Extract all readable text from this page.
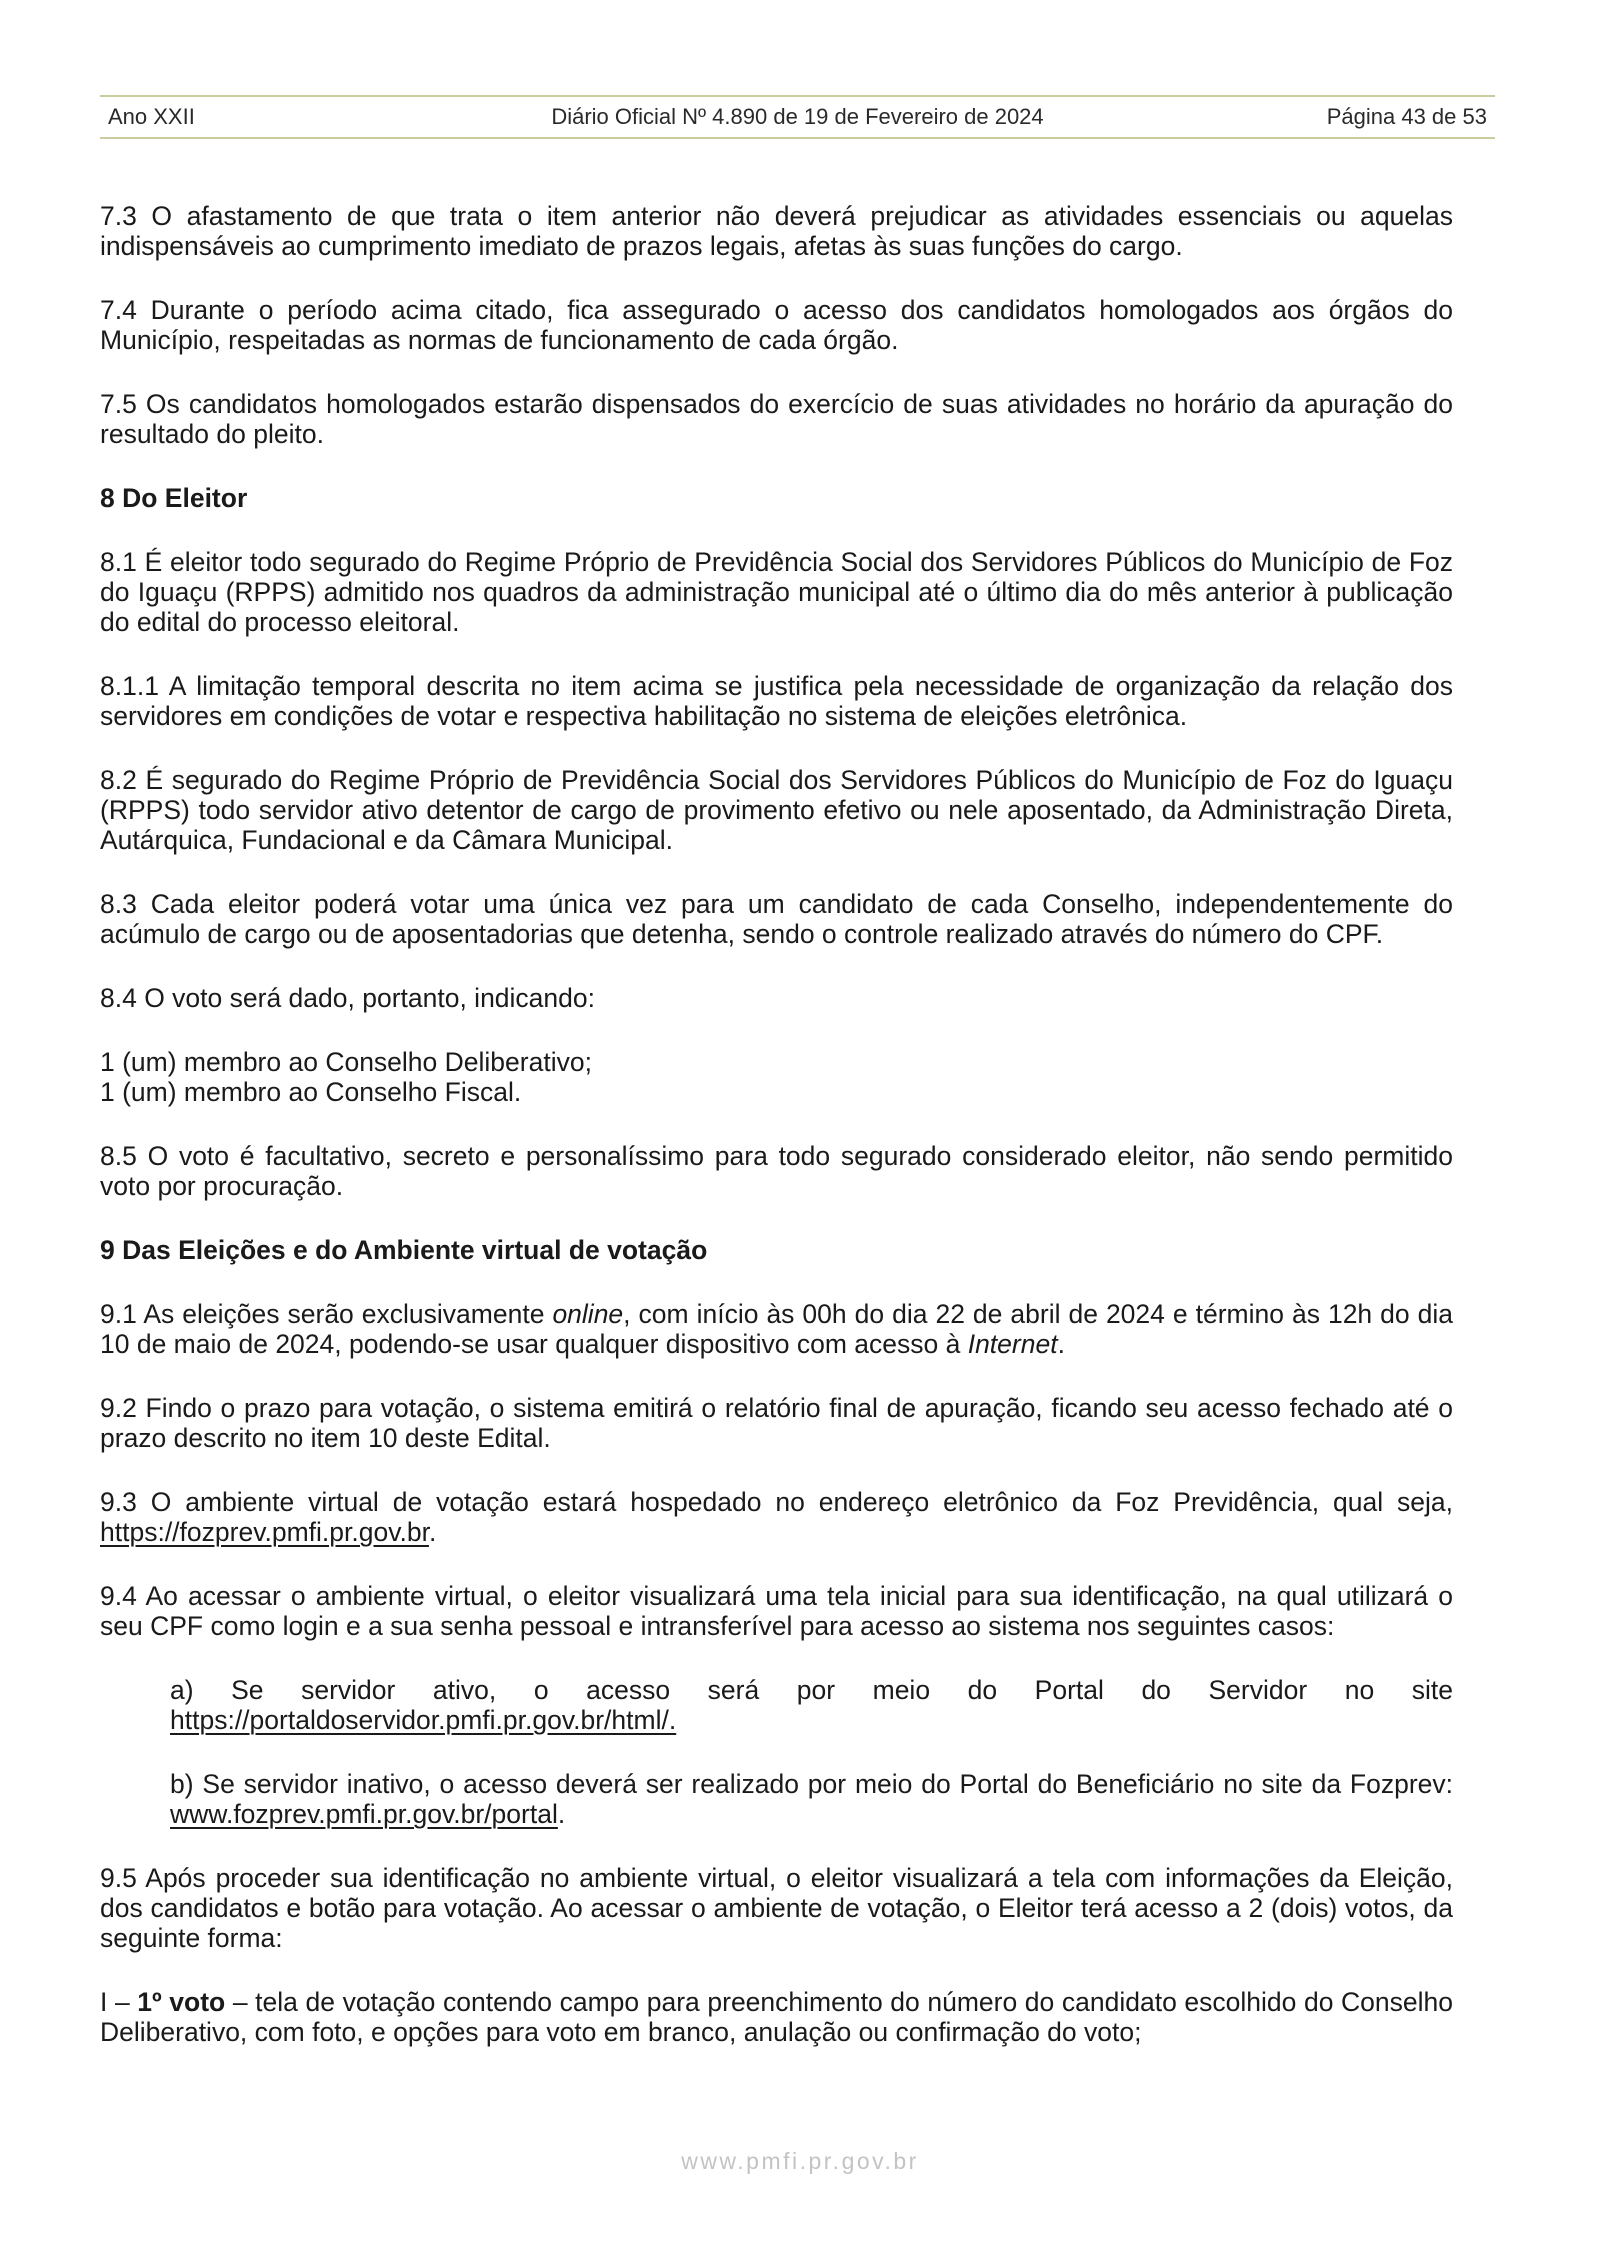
Ano XXII	Diário Oficial Nº 4.890 de 19 de Fevereiro de 2024	Página 43 de 53

7.3 O afastamento de que trata o item anterior não deverá prejudicar as atividades essenciais ou aquelas indispensáveis ao cumprimento imediato de prazos legais, afetas às suas funções do cargo.

7.4 Durante o período acima citado, fica assegurado o acesso dos candidatos homologados aos órgãos do Município, respeitadas as normas de funcionamento de cada órgão.

7.5 Os candidatos homologados estarão dispensados do exercício de suas atividades no horário da apuração do resultado do pleito.

8 Do Eleitor

8.1 É eleitor todo segurado do Regime Próprio de Previdência Social dos Servidores Públicos do Município de Foz do Iguaçu (RPPS) admitido nos quadros da administração municipal até o último dia do mês anterior à publicação do edital do processo eleitoral.

8.1.1 A limitação temporal descrita no item acima se justifica pela necessidade de organização da relação dos servidores em condições de votar e respectiva habilitação no sistema de eleições eletrônica.

8.2 É segurado do Regime Próprio de Previdência Social dos Servidores Públicos do Município de Foz do Iguaçu (RPPS) todo servidor ativo detentor de cargo de provimento efetivo ou nele aposentado, da Administração Direta, Autárquica, Fundacional e da Câmara Municipal.

8.3 Cada eleitor poderá votar uma única vez para um candidato de cada Conselho, independentemente do acúmulo de cargo ou de aposentadorias que detenha, sendo o controle realizado através do número do CPF.

8.4 O voto será dado, portanto, indicando:

1 (um) membro ao Conselho Deliberativo;

1 (um) membro ao Conselho Fiscal.

8.5 O voto é facultativo, secreto e personalíssimo para todo segurado considerado eleitor, não sendo permitido voto por procuração.

9 Das Eleições e do Ambiente virtual de votação

9.1 As eleições serão exclusivamente online, com início às 00h do dia 22 de abril de 2024 e término às 12h do dia 10 de maio de 2024, podendo-se usar qualquer dispositivo com acesso à Internet.

9.2 Findo o prazo para votação, o sistema emitirá o relatório final de apuração, ficando seu acesso fechado até o prazo descrito no item 10 deste Edital.

9.3 O ambiente virtual de votação estará hospedado no endereço eletrônico da Foz Previdência, qual seja, https://fozprev.pmfi.pr.gov.br.

9.4 Ao acessar o ambiente virtual, o eleitor visualizará uma tela inicial para sua identificação, na qual utilizará o seu CPF como login e a sua senha pessoal e intransferível para acesso ao sistema nos seguintes casos:

a) Se servidor ativo, o acesso será por meio do Portal do Servidor no site https://portaldoservidor.pmfi.pr.gov.br/html/.

b) Se servidor inativo, o acesso deverá ser realizado por meio do Portal do Beneficiário no site da Fozprev: www.fozprev.pmfi.pr.gov.br/portal.

9.5 Após proceder sua identificação no ambiente virtual, o eleitor visualizará a tela com informações da Eleição, dos candidatos e botão para votação. Ao acessar o ambiente de votação, o Eleitor terá acesso a 2 (dois) votos, da seguinte forma:

I – 1º voto – tela de votação contendo campo para preenchimento do número do candidato escolhido do Conselho Deliberativo, com foto, e opções para voto em branco, anulação ou confirmação do voto;

www.pmfi.pr.gov.br
